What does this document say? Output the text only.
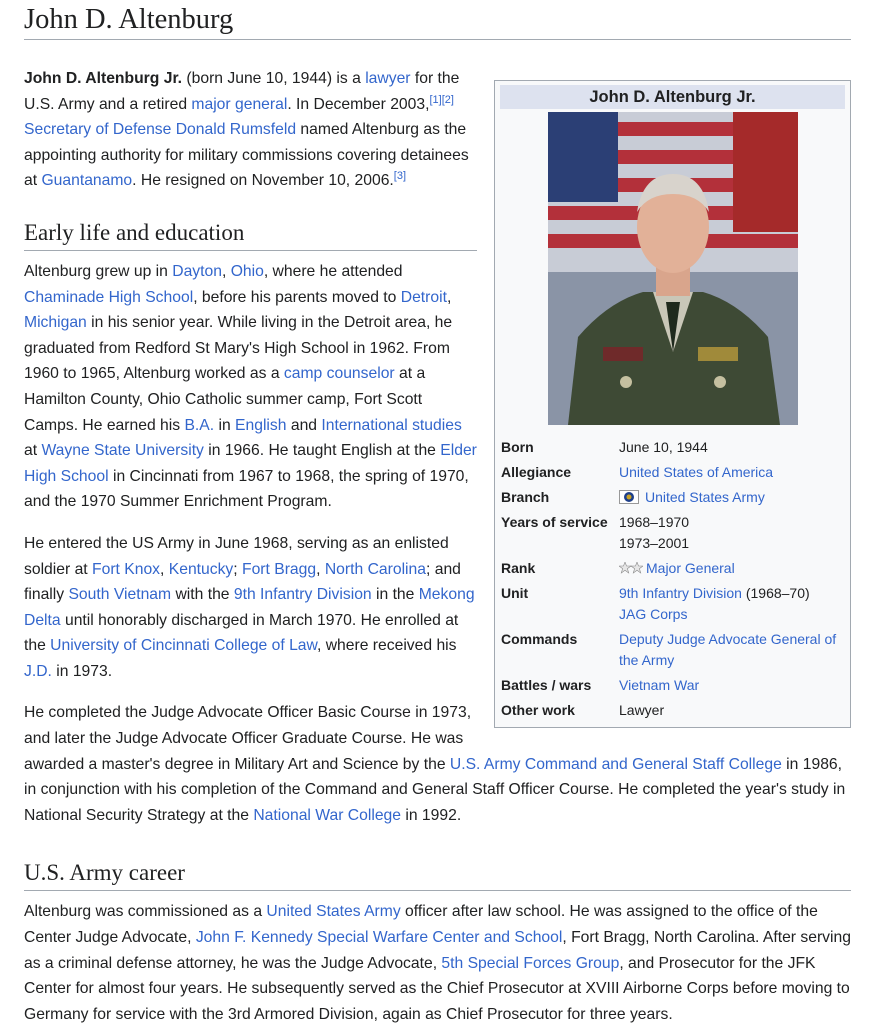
John D. Altenburg
John D. Altenburg Jr.
Born	June 10, 1944
Allegiance	United States of America
Branch	United States Army
Years of service	1968–1970
1973–2001
Rank	Major General
Unit	9th Infantry Division (1968–70)
JAG Corps
Commands	Deputy Judge Advocate General of the Army
Battles / wars	Vietnam War
Other work	Lawyer

John D. Altenburg Jr. (born June 10, 1944) is a lawyer for the U.S. Army and a retired major general. In December 2003,[1][2] Secretary of Defense Donald Rumsfeld named Altenburg as the appointing authority for military commissions covering detainees at Guantanamo. He resigned on November 10, 2006.[3]

Early life and education

Altenburg grew up in Dayton, Ohio, where he attended Chaminade High School, before his parents moved to Detroit, Michigan in his senior year. While living in the Detroit area, he graduated from Redford St Mary's High School in 1962. From 1960 to 1965, Altenburg worked as a camp counselor at a Hamilton County, Ohio Catholic summer camp, Fort Scott Camps. He earned his B.A. in English and International studies at Wayne State University in 1966. He taught English at the Elder High School in Cincinnati from 1967 to 1968, the spring of 1970, and the 1970 Summer Enrichment Program.

He entered the US Army in June 1968, serving as an enlisted soldier at Fort Knox, Kentucky; Fort Bragg, North Carolina; and finally South Vietnam with the 9th Infantry Division in the Mekong Delta until honorably discharged in March 1970. He enrolled at the University of Cincinnati College of Law, where received his J.D. in 1973.

He completed the Judge Advocate Officer Basic Course in 1973, and later the Judge Advocate Officer Graduate Course. He was awarded a master's degree in Military Art and Science by the U.S. Army Command and General Staff College in 1986, in conjunction with his completion of the Command and General Staff Officer Course. He completed the year's study in National Security Strategy at the National War College in 1992.

U.S. Army career

Altenburg was commissioned as a United States Army officer after law school. He was assigned to the office of the Center Judge Advocate, John F. Kennedy Special Warfare Center and School, Fort Bragg, North Carolina. After serving as a criminal defense attorney, he was the Judge Advocate, 5th Special Forces Group, and Prosecutor for the JFK Center for almost four years. He subsequently served as the Chief Prosecutor at XVIII Airborne Corps before moving to Germany for service with the 3rd Armored Division, again as Chief Prosecutor for three years.
